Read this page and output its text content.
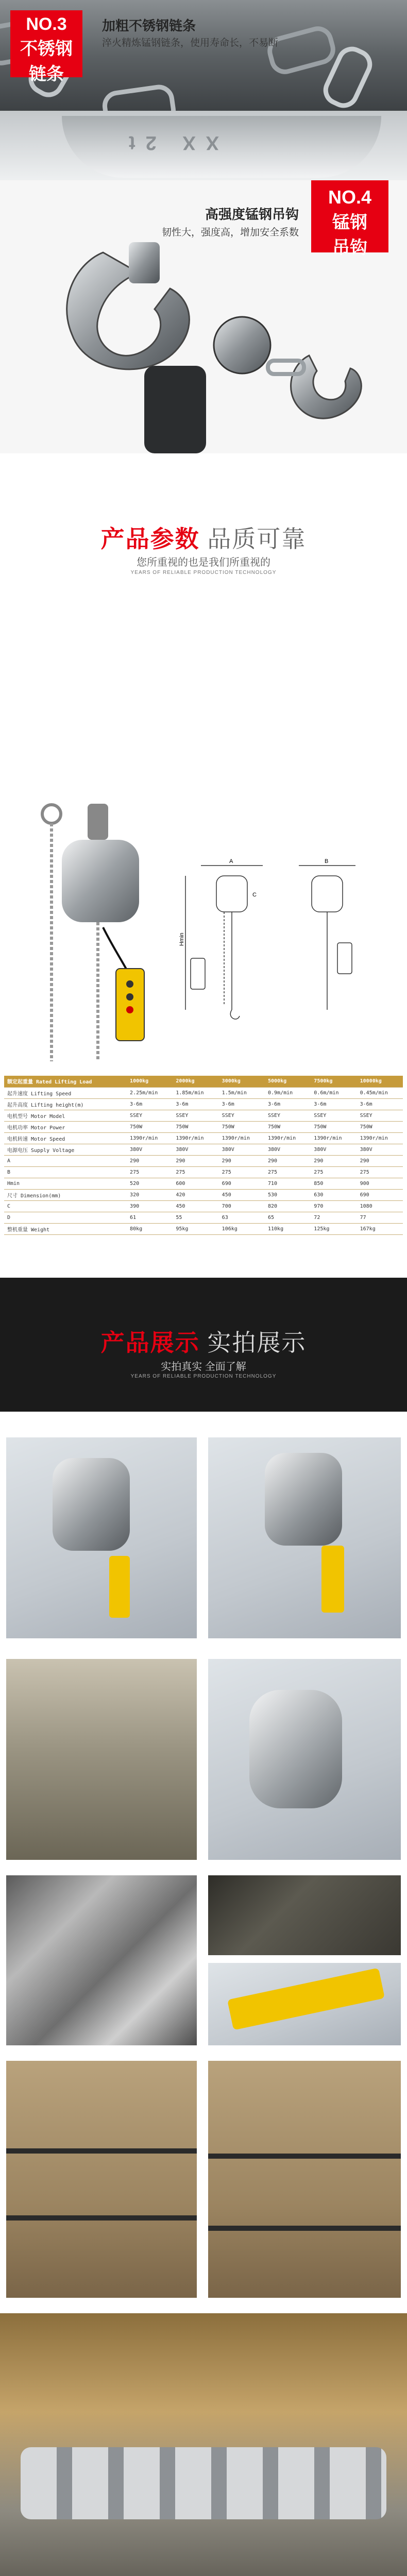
NO.3
不锈钢
链条
加粗不锈钢链条
淬火精炼锰钢链条，使用寿命长，不易断
XX 2t
NO.4
锰钢
吊钩
高强度锰钢吊钩
韧性大，强度高，增加安全系数
产品参数 品质可靠
您所重视的也是我们所重视的
YEARS OF RELIABLE PRODUCTION TECHNOLOGY
A	B
C
Hmin
额定起重量 Rated Lifting Load	1000kg	2000kg	3000kg	5000kg	7500kg	10000kg
起升速度 Lifting Speed	2.25m/min	1.85m/min	1.5m/min	0.9m/min	0.6m/min	0.45m/min
起升高度 Lifting height(m)	3-6m	3-6m	3-6m	3-6m	3-6m	3-6m
电机型号 Motor Model	SSEY	SSEY	SSEY	SSEY	SSEY	SSEY
电机功率 Motor Power	750W	750W	750W	750W	750W	750W
电机转速 Motor Speed	1390r/min	1390r/min	1390r/min	1390r/min	1390r/min	1390r/min
电源电压 Supply Voltage	380V	380V	380V	380V	380V	380V
A	290	290	290	290	290	290
B	275	275	275	275	275	275
Hmin	520	600	690	710	850	900
尺寸 Dimension(mm)	320	420	450	530	630	690
C	390	450	700	820	970	1080
D	61	55	63	65	72	77
整机重量 Weight	80kg	95kg	106kg	110kg	125kg	167kg
产品展示 实拍展示
实拍真实 全面了解
YEARS OF RELIABLE PRODUCTION TECHNOLOGY
